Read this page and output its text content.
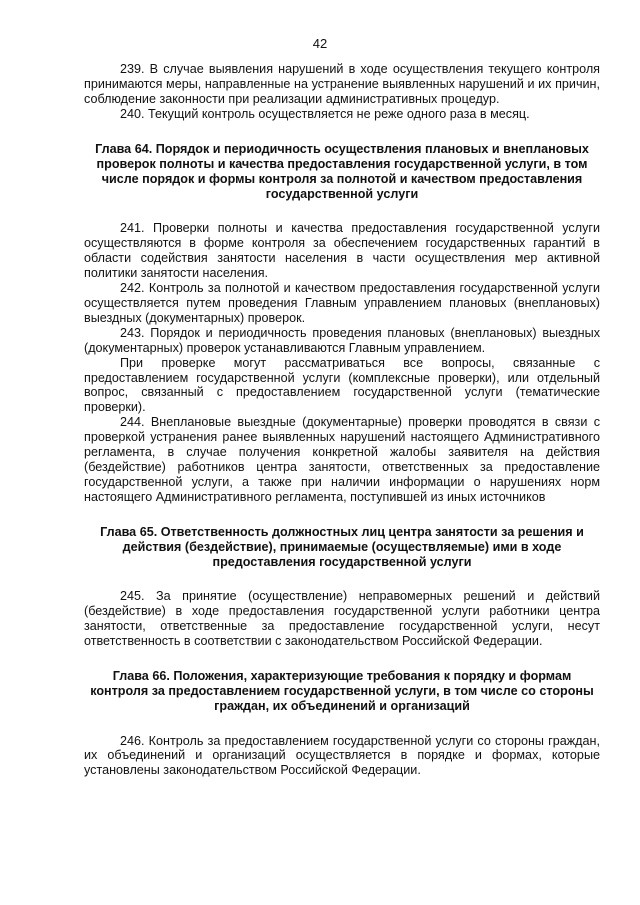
42

239. В случае выявления нарушений в ходе осуществления текущего контроля принимаются меры, направленные на устранение выявленных нарушений и их причин, соблюдение законности при реализации административных процедур.

240. Текущий контроль осуществляется не реже одного раза в месяц.

Глава 64. Порядок и периодичность осуществления плановых и внеплановых проверок полноты и качества предоставления государственной услуги, в том числе порядок и формы контроля за полнотой и качеством предоставления государственной услуги

241. Проверки полноты и качества предоставления государственной услуги осуществляются в форме контроля за обеспечением государственных гарантий в области содействия занятости населения в части осуществления мер активной политики занятости населения.

242. Контроль за полнотой и качеством предоставления государственной услуги осуществляется путем проведения Главным управлением плановых (внеплановых) выездных (документарных) проверок.

243. Порядок и периодичность проведения плановых (внеплановых) выездных (документарных) проверок устанавливаются Главным управлением.

При проверке могут рассматриваться все вопросы, связанные с предоставлением государственной услуги (комплексные проверки), или отдельный вопрос, связанный с предоставлением государственной услуги (тематические проверки).

244. Внеплановые выездные (документарные) проверки проводятся в связи с проверкой устранения ранее выявленных нарушений настоящего Административного регламента, в случае получения конкретной жалобы заявителя на действия (бездействие) работников центра занятости, ответственных за предоставление государственной услуги, а также при наличии информации о нарушениях норм настоящего Административного регламента, поступившей из иных источников

Глава 65. Ответственность должностных лиц центра занятости за решения и действия (бездействие), принимаемые (осуществляемые) ими в ходе предоставления государственной услуги

245. За принятие (осуществление) неправомерных решений и действий (бездействие) в ходе предоставления государственной услуги работники центра занятости, ответственные за предоставление государственной услуги, несут ответственность в соответствии с законодательством Российской Федерации.

Глава 66. Положения, характеризующие требования к порядку и формам контроля за предоставлением государственной услуги, в том числе со стороны граждан, их объединений и организаций

246. Контроль за предоставлением государственной услуги со стороны граждан, их объединений и организаций осуществляется в порядке и формах, которые установлены законодательством Российской Федерации.
